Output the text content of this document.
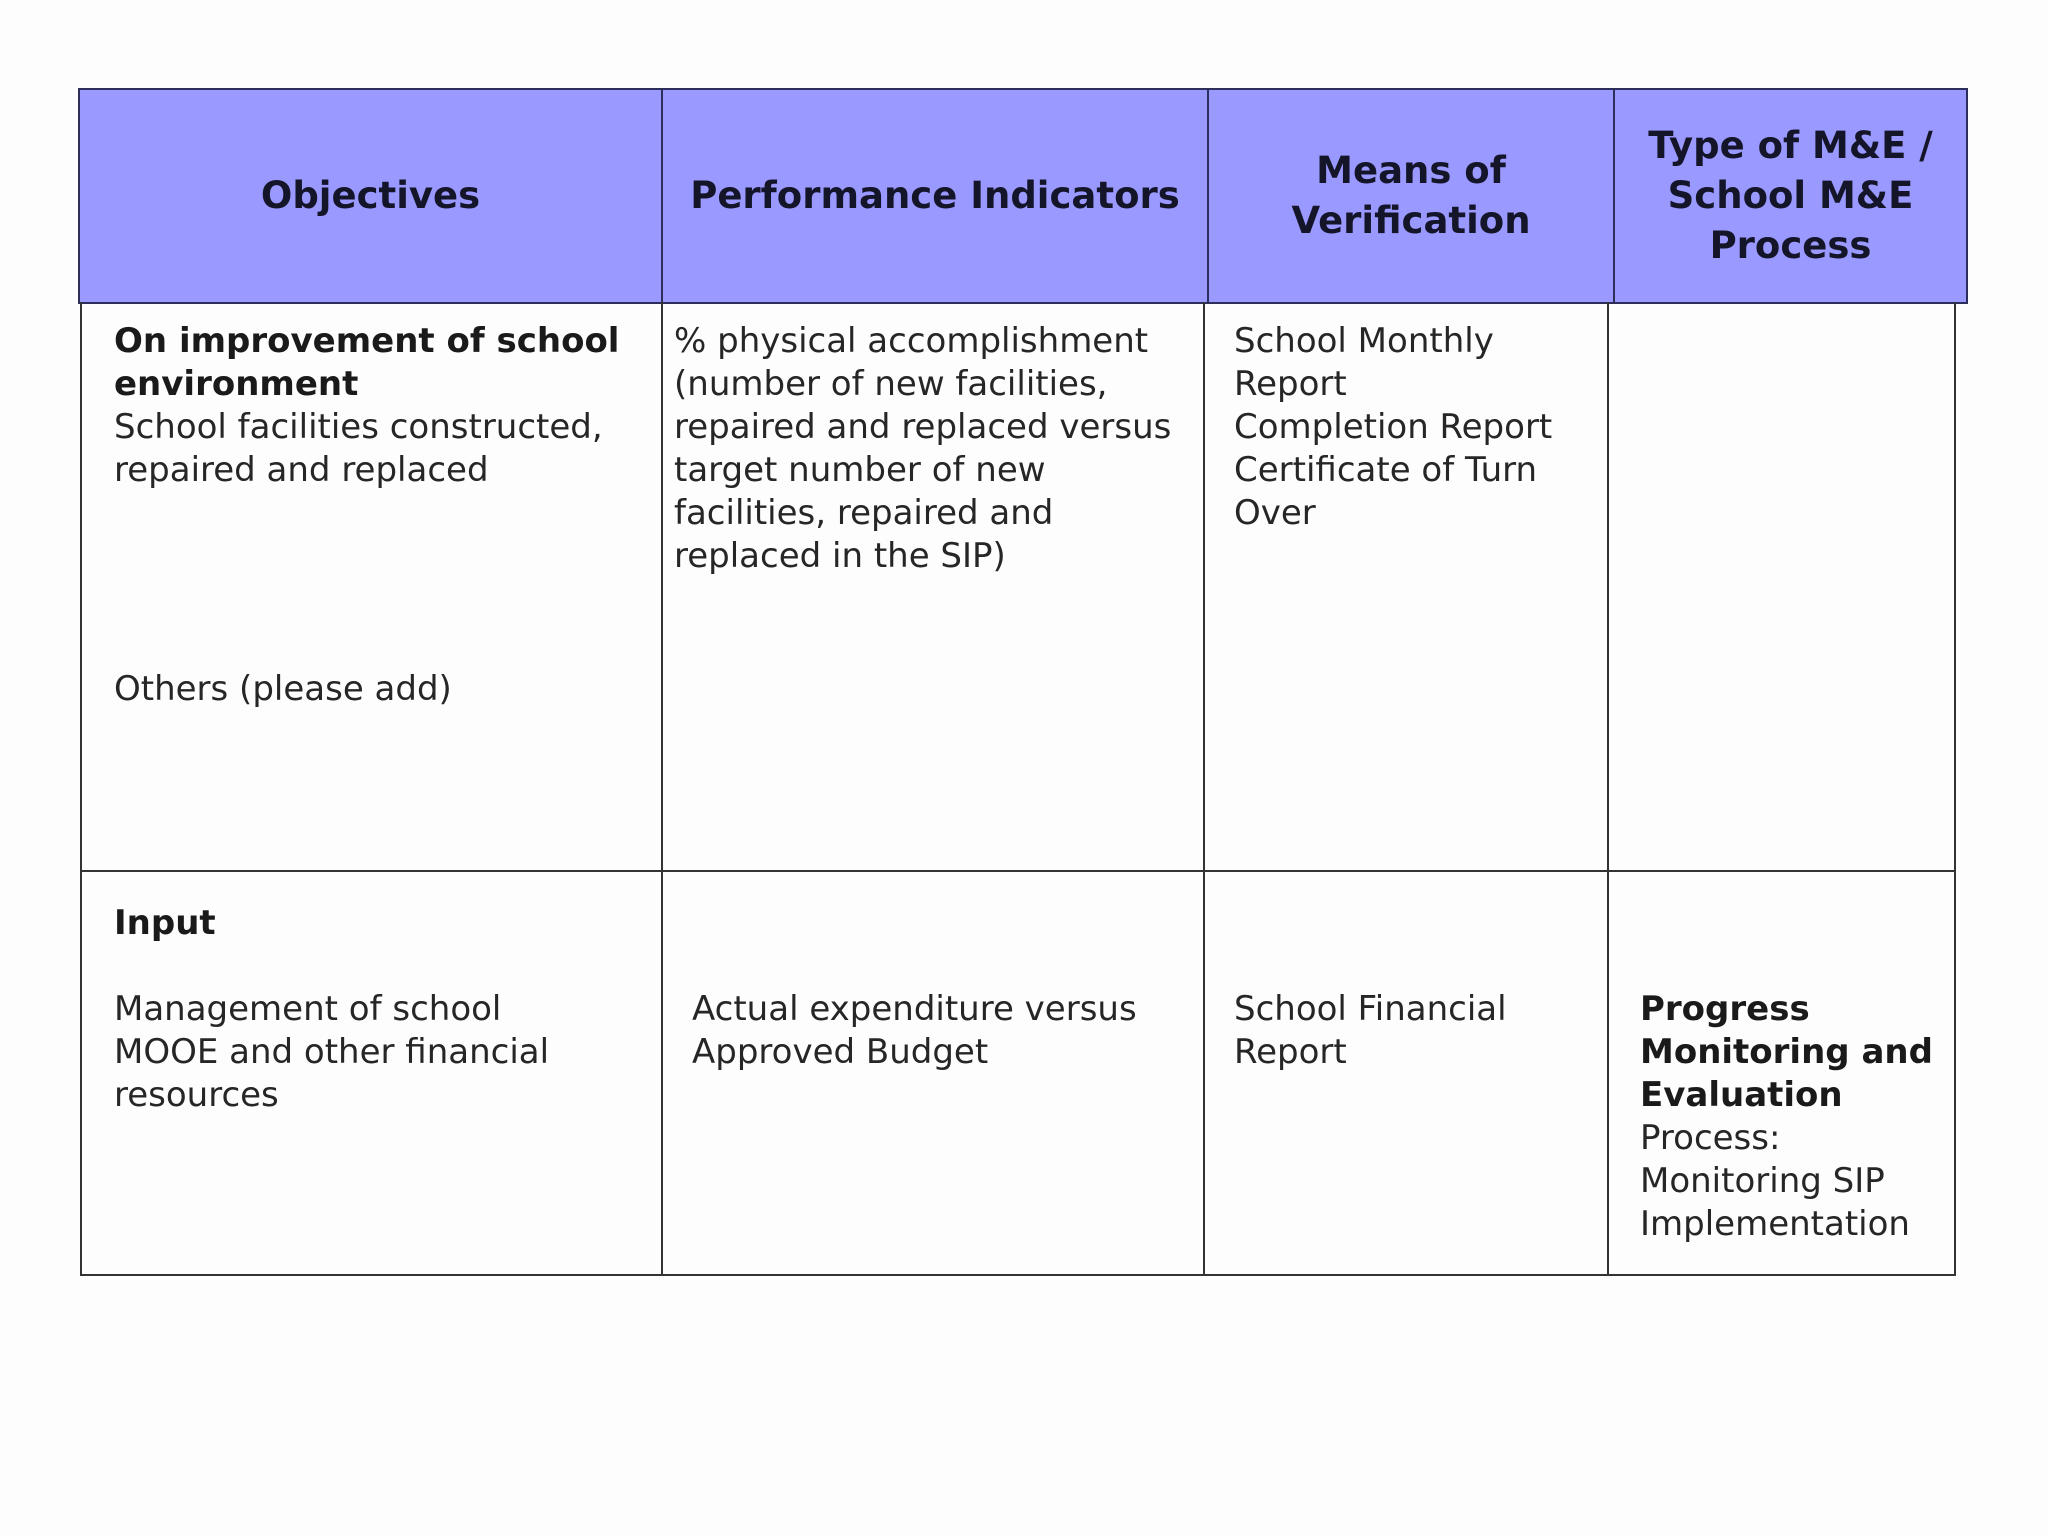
Objectives	Performance Indicators
Means of
Verification
Type of M&E /
School M&E
Process
On improvement of school environment
School facilities constructed, repaired and replaced
Others (please add)
% physical accomplishment (number of new facilities, repaired and replaced versus target number of new facilities, repaired and replaced in the SIP)
School Monthly Report
Completion Report
Certificate of Turn Over
Input
Management of school MOOE and other financial resources
Actual expenditure versus Approved Budget
School Financial Report
Progress Monitoring and Evaluation
Process: Monitoring SIP Implementation
